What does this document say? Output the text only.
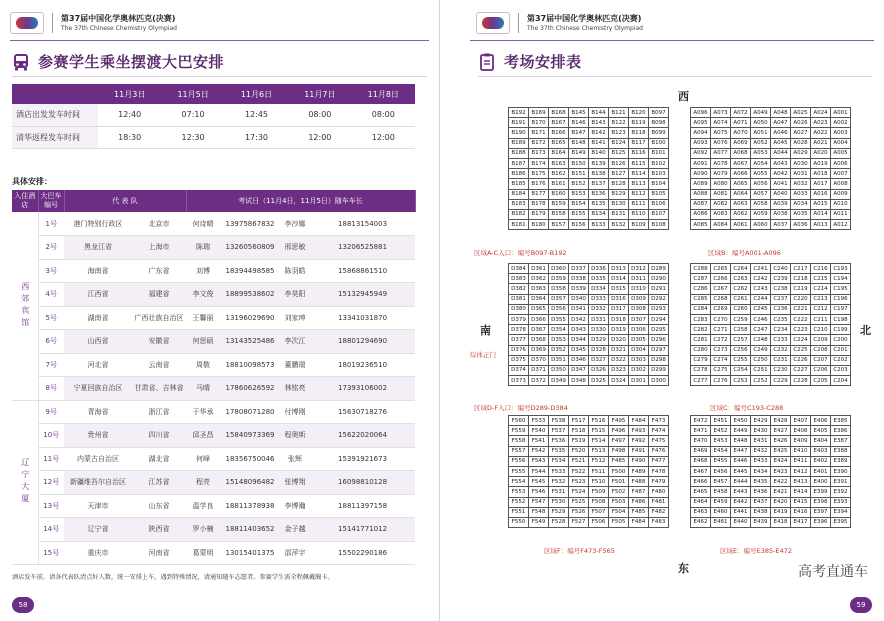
第37届中国化学奥林匹克(决赛)
The 37th Chinese Chemistry Olympiad
参赛学生乘坐摆渡大巴安排
	11月3日	11月5日	11月6日	11月7日	11月8日
酒店出发发车时间	12:40	07:10	12:45	08:00	08:00
清华返程发车时间	18:30	12:30	17:30	12:00	12:00
具体安排：
入住酒店	大巴车编号	代 表 队		考试日（11月4日，11月5日）随车车长			
西郊宾馆	1号	港门特别行政区	北京市	何诗晴	13975867832	李沙娜	18813154003
	2号	黑龙江省	上海市	陈瑞	13260560809	邢思敏	13206525881
	3号	海南省	广东省	刘博	18394498585	陈羽皓	15868861510
	4号	江西省	福建省	李文俊	18899538602	李昊阳	15132945949
	5号	湖南省	广西壮族自治区	王馨丽	13196029690	刘家坤	13341031870
	6号	山西省	安徽省	何思硕	13143525486	李次江	18801294690
	7号	河北省	云南省	周敬	18810098573	董鹏瑞	18019236510
	8号	宁夏回族自治区	甘肃省、吉林省	马晴	17860626592	林铭亮	17393106002
辽宁大厦	9号	青海省	浙江省	于华承	17808071280	付博刚	15630718276
	10号	贵州省	四川省	邱圣昌	15840973369	程奥斯	15622020064
	11号	内蒙古自治区	湖北省	何峰	18356750046	张辉	15391921673
	12号	新疆维吾尔自治区	江苏省	程亮	15148096482	张博翔	16098810128
	13号	天津市	山东省	温学良	18811378938	李博瀚	18811397158
	14号	辽宁省	陕西省	罗小楠	18811403652	金子越	15141771012
	15号	重庆市	河南省	葛蒙明	13015401375	邵萍宇	15502290186
酒店发车前，请各代表队清点好人数，统一安排上车，遇到特殊情况，请通知随车志愿者。参赛学生需全程佩戴胸卡。
58
第37届中国化学奥林匹克(决赛)
The 37th Chinese Chemistry Olympiad
考场安排表
西
南	北
东
综体正门
B192	B169	B168	B145	B144	B121	B120	B097
B191	B170	B167	B146	B143	B122	B119	B098
B190	B171	B166	B147	B142	B123	B118	B099
B189	B172	B165	B148	B141	B124	B117	B100
B188	B173	B164	B149	B140	B125	B116	B101
B187	B174	B163	B150	B139	B126	B115	B102
B186	B175	B162	B151	B138	B127	B114	B103
B185	B176	B161	B152	B137	B128	B113	B104
B184	B177	B160	B153	B136	B129	B112	B105
B183	B178	B159	B154	B135	B130	B111	B106
B182	B179	B158	B155	B134	B131	B110	B107
B181	B180	B157	B156	B133	B132	B109	B108
A096	A073	A072	A049	A048	A025	A024	A001
A095	A074	A071	A050	A047	A026	A023	A002
A094	A075	A070	A051	A046	A027	A022	A003
A093	A076	A069	A052	A045	A028	A021	A004
A092	A077	A068	A053	A044	A029	A020	A005
A091	A078	A067	A054	A043	A030	A019	A006
A090	A079	A066	A055	A042	A031	A018	A007
A089	A080	A065	A056	A041	A032	A017	A008
A088	A081	A064	A057	A040	A033	A016	A009
A087	A082	A063	A058	A039	A034	A015	A010
A086	A083	A062	A059	A038	A035	A014	A011
A085	A084	A061	A060	A037	A036	A013	A012
D384	D361	D360	D337	D336	D313	D312	D289
D383	D362	D359	D338	D335	D314	D311	D290
D382	D363	D358	D339	D334	D315	D310	D291
D381	D364	D357	D340	D333	D316	D309	D292
D380	D365	D356	D341	D332	D317	D308	D293
D379	D366	D355	D342	D331	D318	D307	D294
D378	D367	D354	D343	D330	D319	D306	D295
D377	D368	D353	D344	D329	D320	D305	D296
D376	D369	D352	D345	D328	D321	D304	D297
D375	D370	D351	D346	D327	D322	D303	D298
D374	D371	D350	D347	D326	D323	D302	D299
D373	D372	D349	D348	D325	D324	D301	D300
C288	C265	C264	C241	C240	C217	C216	C193
C287	C266	C263	C242	C239	C218	C215	C194
C286	C267	C262	C243	C238	C219	C214	C195
C285	C268	C261	C244	C237	C220	C213	C196
C284	C269	C260	C245	C236	C221	C212	C197
C283	C270	C259	C246	C235	C222	C211	C198
C282	C271	C258	C247	C234	C223	C210	C199
C281	C272	C257	C248	C233	C224	C209	C200
C280	C273	C256	C249	C232	C225	C208	C201
C279	C274	C255	C250	C231	C226	C207	C202
C278	C275	C254	C251	C230	C227	C206	C203
C277	C276	C253	C252	C229	C228	C205	C204
F560	F533	F538	F517	F516	F495	F484	F473
F559	F540	F537	F518	F515	F496	F493	F474
F558	F541	F536	F519	F514	F497	F492	F475
F557	F542	F535	F520	F513	F498	F491	F476
F556	F543	F534	F521	F512	F485	F490	F477
F555	F544	F533	F522	F511	F500	F489	F478
F554	F545	F532	F523	F510	F501	F488	F479
F553	F546	F531	F524	F509	F502	F487	F480
F552	F547	F530	F525	F508	F503	F486	F481
F551	F548	F529	F526	F507	F504	F485	F482
F550	F549	F528	F527	F506	F505	F484	F483
E472	E451	E450	E429	E428	E407	E406	E385
E471	E452	E449	E430	E427	E408	E405	E386
E470	E453	E448	E431	E426	E409	E404	E387
E469	E454	E447	E432	E425	E410	E403	E388
E468	E455	E446	E433	E424	E411	E402	E389
E467	E456	E445	E434	E423	E412	E401	E390
E466	E457	E444	E435	E422	E413	E400	E391
E465	E458	E443	E436	E421	E414	E399	E392
E464	E459	E442	E437	E420	E415	E398	E393
E463	E460	E441	E438	E419	E416	E397	E394
E462	E461	E440	E439	E418	E417	E396	E395
区域A-C入口：编号B097-B192	区域B：编号A001-A096
区域D-F入口：编号D289-D384	区域C：编号C193-C288
区域F：编号F473-F565	区域E：编号E385-E472
高考直通车
59
